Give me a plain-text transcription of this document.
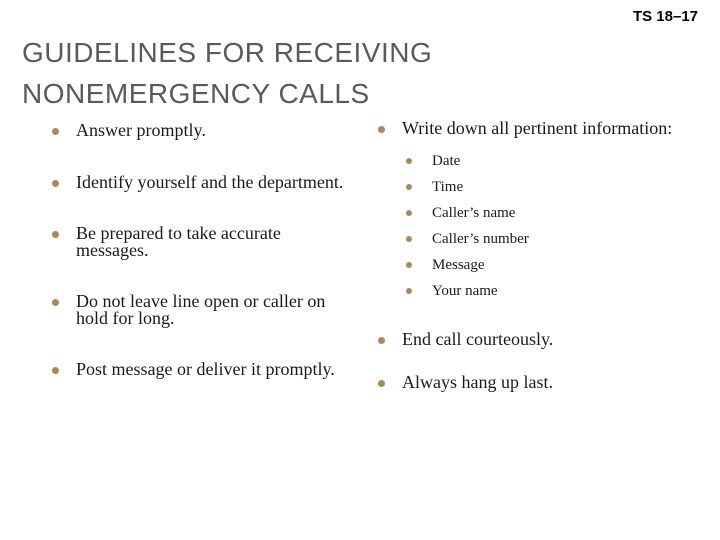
TS 18–17
GUIDELINES FOR RECEIVING
NONEMERGENCY CALLS
Answer promptly.
Identify yourself and the department.
Be prepared to take accurate messages.
Do not leave line open or caller on hold for long.
Post message or deliver it promptly.
Write down all pertinent information:
Date
Time
Caller’s name
Caller’s number
Message
Your name
End call courteously.
Always hang up last.
